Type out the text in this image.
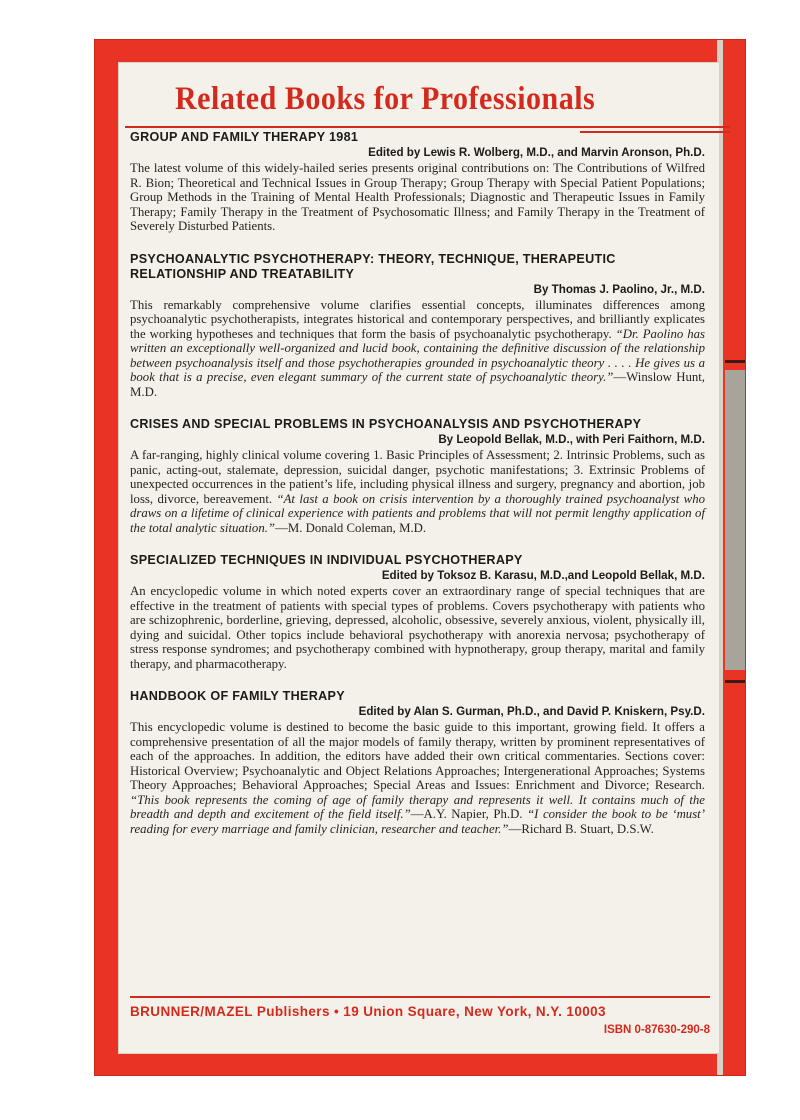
Related Books for Professionals
GROUP AND FAMILY THERAPY 1981
Edited by Lewis R. Wolberg, M.D., and Marvin Aronson, Ph.D.
The latest volume of this widely-hailed series presents original contributions on: The Contributions of Wilfred R. Bion; Theoretical and Technical Issues in Group Therapy; Group Therapy with Special Patient Populations; Group Methods in the Training of Mental Health Professionals; Diagnostic and Therapeutic Issues in Family Therapy; Family Therapy in the Treatment of Psychosomatic Illness; and Family Therapy in the Treatment of Severely Disturbed Patients.
PSYCHOANALYTIC PSYCHOTHERAPY: THEORY, TECHNIQUE, THERAPEUTIC RELATIONSHIP AND TREATABILITY
By Thomas J. Paolino, Jr., M.D.
This remarkably comprehensive volume clarifies essential concepts, illuminates differences among psychoanalytic psychotherapists, integrates historical and contemporary perspectives, and brilliantly explicates the working hypotheses and techniques that form the basis of psychoanalytic psychotherapy. “Dr. Paolino has written an exceptionally well-organized and lucid book, containing the definitive discussion of the relationship between psychoanalysis itself and those psychotherapies grounded in psychoanalytic theory . . . . He gives us a book that is a precise, even elegant summary of the current state of psychoanalytic theory.”—Winslow Hunt, M.D.
CRISES AND SPECIAL PROBLEMS IN PSYCHOANALYSIS AND PSYCHOTHERAPY
By Leopold Bellak, M.D., with Peri Faithorn, M.D.
A far-ranging, highly clinical volume covering 1. Basic Principles of Assessment; 2. Intrinsic Problems, such as panic, acting-out, stalemate, depression, suicidal danger, psychotic manifestations; 3. Extrinsic Problems of unexpected occurrences in the patient’s life, including physical illness and surgery, pregnancy and abortion, job loss, divorce, bereavement. “At last a book on crisis intervention by a thoroughly trained psychoanalyst who draws on a lifetime of clinical experience with patients and problems that will not permit lengthy application of the total analytic situation.”—M. Donald Coleman, M.D.
SPECIALIZED TECHNIQUES IN INDIVIDUAL PSYCHOTHERAPY
Edited by Toksoz B. Karasu, M.D.,and Leopold Bellak, M.D.
An encyclopedic volume in which noted experts cover an extraordinary range of special techniques that are effective in the treatment of patients with special types of problems. Covers psychotherapy with patients who are schizophrenic, borderline, grieving, depressed, alcoholic, obsessive, severely anxious, violent, physically ill, dying and suicidal. Other topics include behavioral psychotherapy with anorexia nervosa; psychotherapy of stress response syndromes; and psychotherapy combined with hypnotherapy, group therapy, marital and family therapy, and pharmacotherapy.
HANDBOOK OF FAMILY THERAPY
Edited by Alan S. Gurman, Ph.D., and David P. Kniskern, Psy.D.
This encyclopedic volume is destined to become the basic guide to this important, growing field. It offers a comprehensive presentation of all the major models of family therapy, written by prominent representatives of each of the approaches. In addition, the editors have added their own critical commentaries. Sections cover: Historical Overview; Psychoanalytic and Object Relations Approaches; Intergenerational Approaches; Systems Theory Approaches; Behavioral Approaches; Special Areas and Issues: Enrichment and Divorce; Research. “This book represents the coming of age of family therapy and represents it well. It contains much of the breadth and depth and excitement of the field itself.”—A.Y. Napier, Ph.D. “I consider the book to be ‘must’ reading for every marriage and family clinician, researcher and teacher.”—Richard B. Stuart, D.S.W.
BRUNNER/MAZEL Publishers • 19 Union Square, New York, N.Y. 10003
ISBN 0-87630-290-8
